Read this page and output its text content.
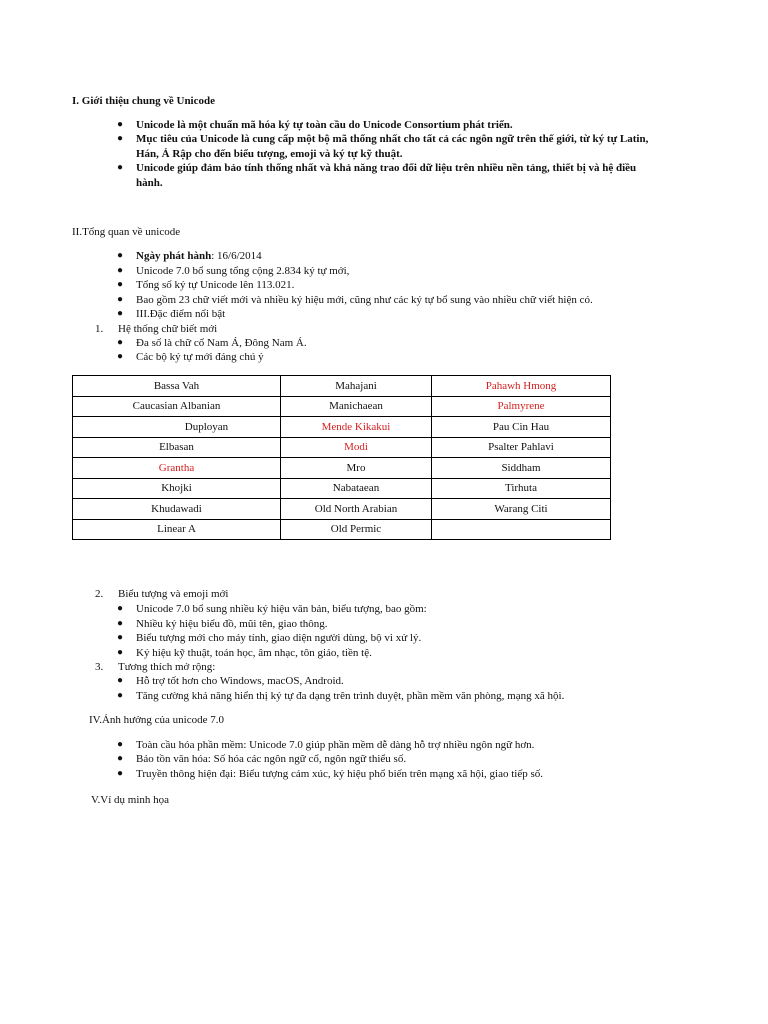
I. Giới thiệu chung về Unicode
● Unicode là một chuẩn mã hóa ký tự toàn cầu do Unicode Consortium phát triển.
● Mục tiêu của Unicode là cung cấp một bộ mã thống nhất cho tất cả các ngôn ngữ trên thế giới, từ ký tự Latin,
Hán, Ả Rập cho đến biểu tượng, emoji và ký tự kỹ thuật.
● Unicode giúp đảm bảo tính thống nhất và khả năng trao đổi dữ liệu trên nhiều nền tảng, thiết bị và hệ điều
hành.
II.Tổng quan về unicode
● Ngày phát hành: 16/6/2014
● Unicode 7.0 bổ sung tổng cộng 2.834 ký tự mới,
● Tổng số ký tự Unicode lên 113.021.
● Bao gồm 23 chữ viết mới và nhiều ký hiệu mới, cũng như các ký tự bổ sung vào nhiều chữ viết hiện có.
● III.Đặc điểm nổi bật
1. Hệ thống chữ biết mới
● Đa số là chữ cổ Nam Á, Đông Nam Á.
● Các bộ ký tự mới đáng chú ý
Bassa Vah	Mahajani	Pahawh Hmong
Caucasian Albanian	Manichaean	Palmyrene
Duployan	Mende Kikakui	Pau Cin Hau
Elbasan	Modi	Psalter Pahlavi
Grantha	Mro	Siddham
Khojki	Nabataean	Tirhuta
Khudawadi	Old North Arabian	Warang Citi
Linear A	Old Permic	
2. Biểu tượng và emoji mới
● Unicode 7.0 bổ sung nhiều ký hiệu văn bản, biểu tượng, bao gồm:
● Nhiều ký hiệu biểu đồ, mũi tên, giao thông.
● Biểu tượng mới cho máy tính, giao diện người dùng, bộ vi xử lý.
● Ký hiệu kỹ thuật, toán học, âm nhạc, tôn giáo, tiền tệ.
3. Tương thích mở rộng:
● Hỗ trợ tốt hơn cho Windows, macOS, Android.
● Tăng cường khả năng hiển thị ký tự đa dạng trên trình duyệt, phần mềm văn phòng, mạng xã hội.
IV.Ảnh hưởng của unicode 7.0
● Toàn cầu hóa phần mềm: Unicode 7.0 giúp phần mềm dễ dàng hỗ trợ nhiều ngôn ngữ hơn.
● Bảo tồn văn hóa: Số hóa các ngôn ngữ cổ, ngôn ngữ thiểu số.
● Truyền thông hiện đại: Biểu tượng cảm xúc, ký hiệu phổ biến trên mạng xã hội, giao tiếp số.
V.Ví dụ minh họa
